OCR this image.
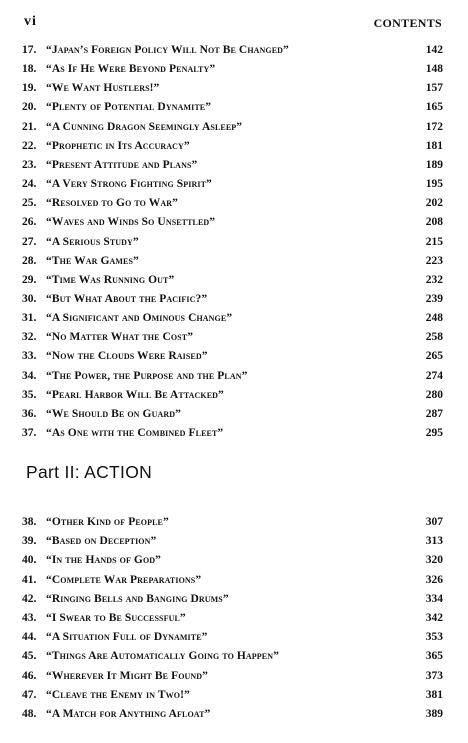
vi	CONTENTS
17. “Japan’s Foreign Policy Will Not Be Changed”	142
18. “As If He Were Beyond Penalty”	148
19. “We Want Hustlers!”	157
20. “Plenty of Potential Dynamite”	165
21. “A Cunning Dragon Seemingly Asleep”	172
22. “Prophetic in Its Accuracy”	181
23. “Present Attitude and Plans”	189
24. “A Very Strong Fighting Spirit”	195
25. “Resolved to Go to War”	202
26. “Waves and Winds So Unsettled”	208
27. “A Serious Study”	215
28. “The War Games”	223
29. “Time Was Running Out”	232
30. “But What About the Pacific?”	239
31. “A Significant and Ominous Change”	248
32. “No Matter What the Cost”	258
33. “Now the Clouds Were Raised”	265
34. “The Power, the Purpose and the Plan”	274
35. “Pearl Harbor Will Be Attacked”	280
36. “We Should Be on Guard”	287
37. “As One with the Combined Fleet”	295
Part II: ACTION
38. “Other Kind of People”	307
39. “Based on Deception”	313
40. “In the Hands of God”	320
41. “Complete War Preparations”	326
42. “Ringing Bells and Banging Drums”	334
43. “I Swear to Be Successful”	342
44. “A Situation Full of Dynamite”	353
45. “Things Are Automatically Going to Happen”	365
46. “Wherever It Might Be Found”	373
47. “Cleave the Enemy in Two!”	381
48. “A Match for Anything Afloat”	389
